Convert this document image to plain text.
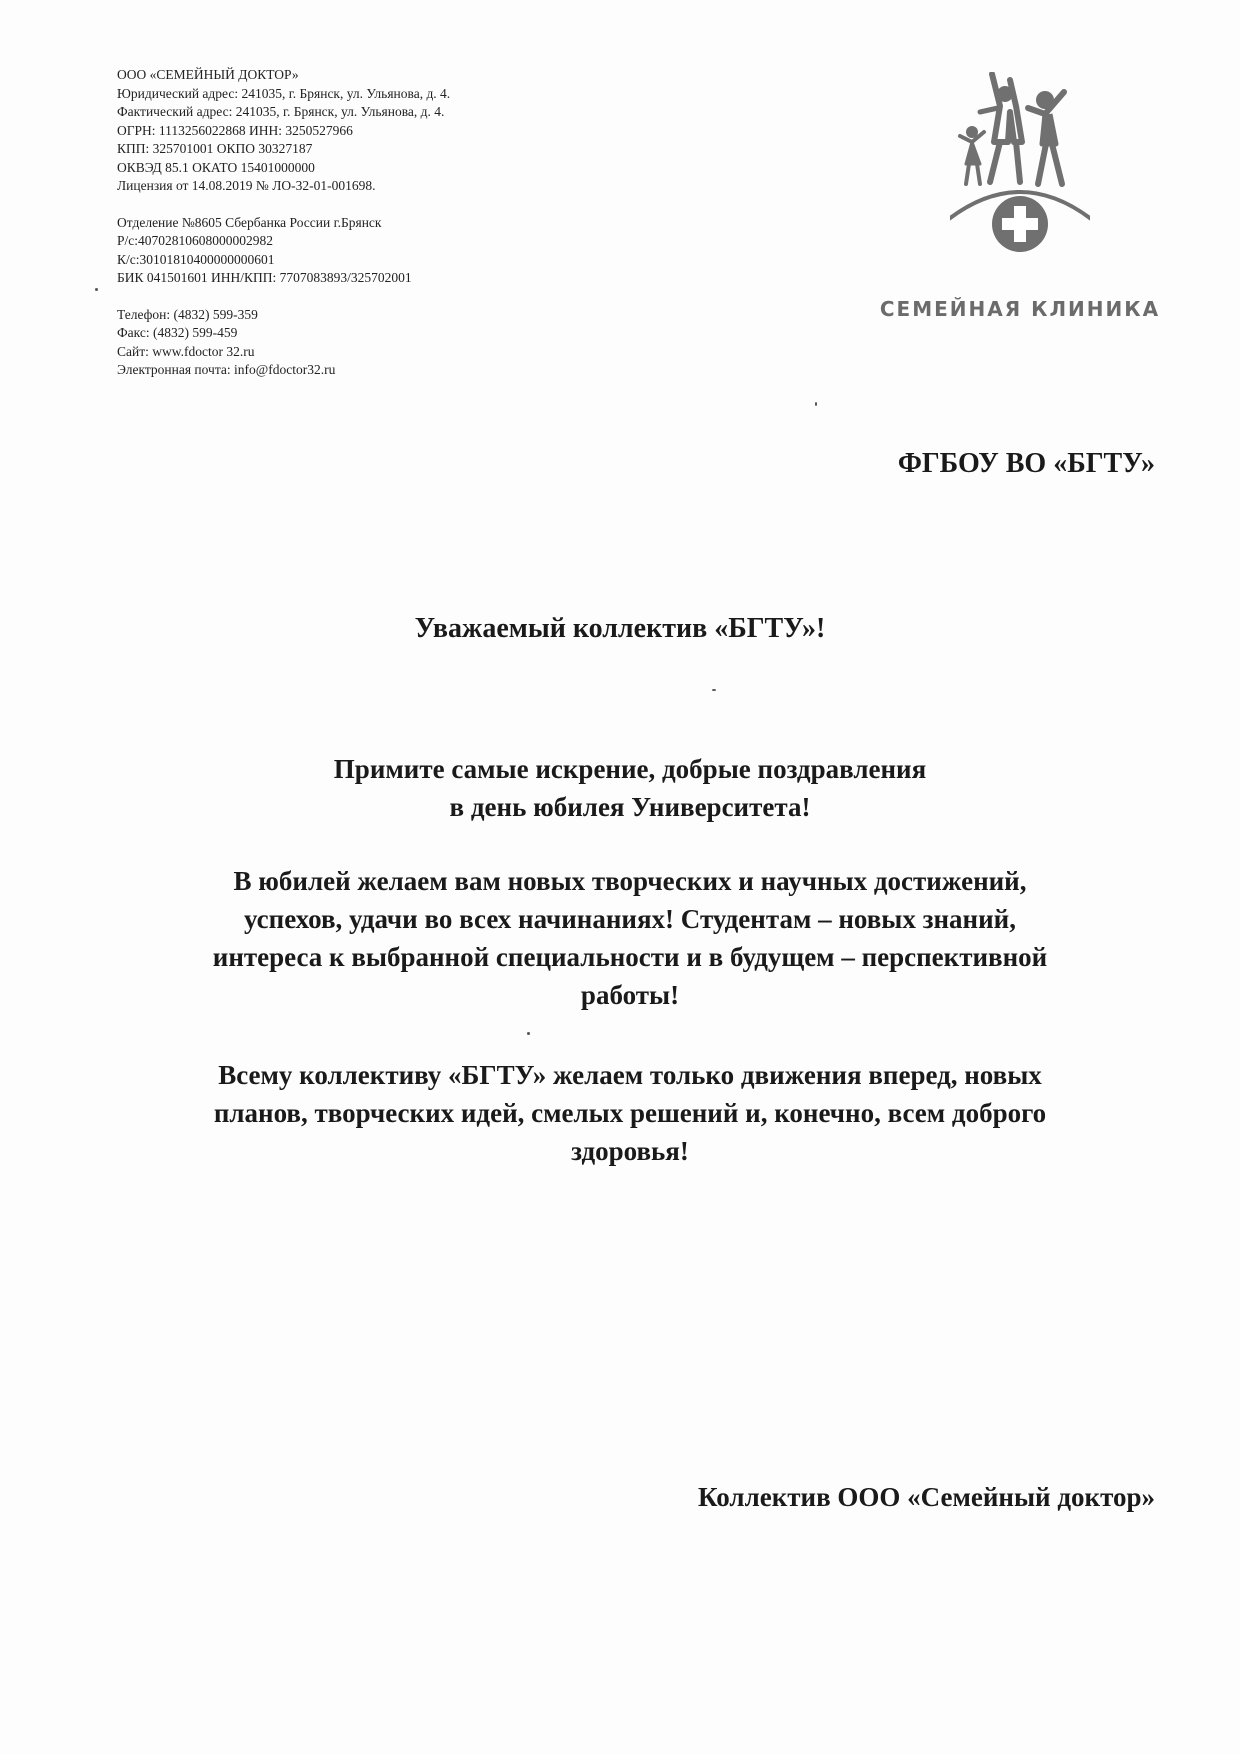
ООО «СЕМЕЙНЫЙ ДОКТОР»
Юридический адрес: 241035, г. Брянск, ул. Ульянова, д. 4.
Фактический адрес: 241035, г. Брянск, ул. Ульянова, д. 4.
ОГРН: 1113256022868 ИНН: 3250527966
КПП: 325701001 ОКПО 30327187
ОКВЭД 85.1 ОКАТО 15401000000
Лицензия от 14.08.2019 № ЛО-32-01-001698.
Отделение №8605 Сбербанка России г.Брянск
Р/с:40702810608000002982
К/с:30101810400000000601
БИК 041501601 ИНН/КПП: 7707083893/325702001
Телефон: (4832) 599-359
Факс: (4832) 599-459
Сайт: www.fdoctor 32.ru
Электронная почта: info@fdoctor32.ru
СЕМЕЙНАЯ КЛИНИКА
ФГБОУ ВО «БГТУ»
Уважаемый коллектив «БГТУ»!
Примите самые искрение, добрые поздравления
в день юбилея Университета!
В юбилей желаем вам новых творческих и научных достижений,
успехов, удачи во всех начинаниях! Студентам – новых знаний,
интереса к выбранной специальности и в будущем – перспективной
работы!
Всему коллективу «БГТУ» желаем только движения вперед, новых
планов, творческих идей, смелых решений и, конечно, всем доброго
здоровья!
Коллектив ООО «Семейный доктор»
